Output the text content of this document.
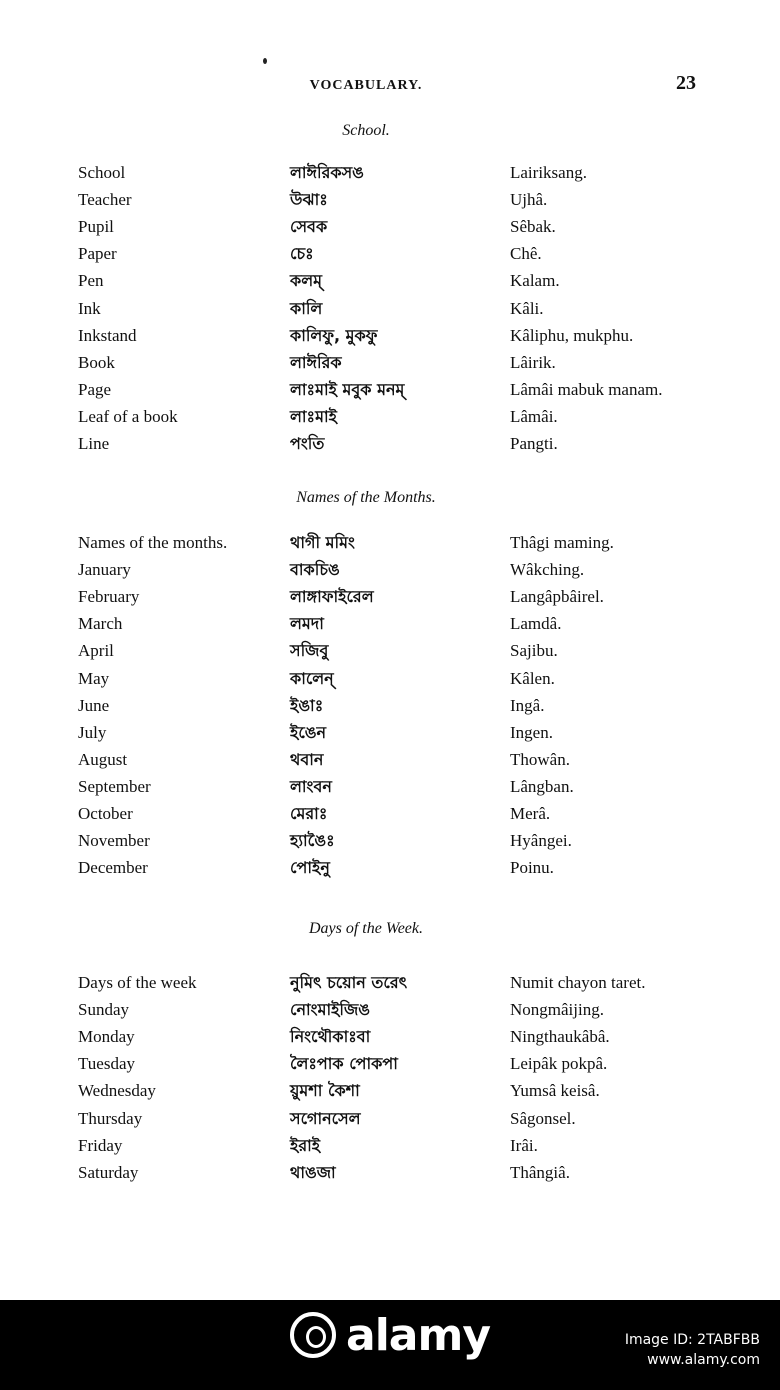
VOCABULARY.	23
School.
School	লাঈরিকসঙ	Lairiksang.
Teacher	উঝাঃ	Ujhâ.
Pupil	সেবক	Sêbak.
Paper	চেঃ	Chê.
Pen	কলম্	Kalam.
Ink	কালি	Kâli.
Inkstand	কালিফু, মুকফু	Kâliphu, mukphu.
Book	লাঈরিক	Lâirik.
Page	লাঃমাই মবুক মনম্	Lâmâi mabuk manam.
Leaf of a book	লাঃমাই	Lâmâi.
Line	পংতি	Pangti.
Names of the Months.
Names of the months.	থাগী মমিং	Thâgi maming.
January	বাকচিঙ	Wâkching.
February	লাঙ্গাফাইরেল	Langâpbâirel.
March	লমদা	Lamdâ.
April	সজিবু	Sajibu.
May	কালেন্	Kâlen.
June	ইঙাঃ	Ingâ.
July	ইঙেন	Ingen.
August	থবান	Thowân.
September	লাংবন	Lângban.
October	মেরাঃ	Merâ.
November	হ্যাঙৈঃ	Hyângei.
December	পোইনু	Poinu.
Days of the Week.
Days of the week	নুমিৎ চয়োন তরেৎ	Numit chayon taret.
Sunday	নোংমাইজিঙ	Nongmâijing.
Monday	নিংথৌকাঃবা	Ningthaukâbâ.
Tuesday	লৈঃপাক পোকপা	Leipâk pokpâ.
Wednesday	য়ুমশা কৈশা	Yumsâ keisâ.
Thursday	সগোনসেল	Sâgonsel.
Friday	ইরাই	Irâi.
Saturday	থাঙজা	Thângiâ.
alamy	Image ID: 2TABFBB
www.alamy.com
